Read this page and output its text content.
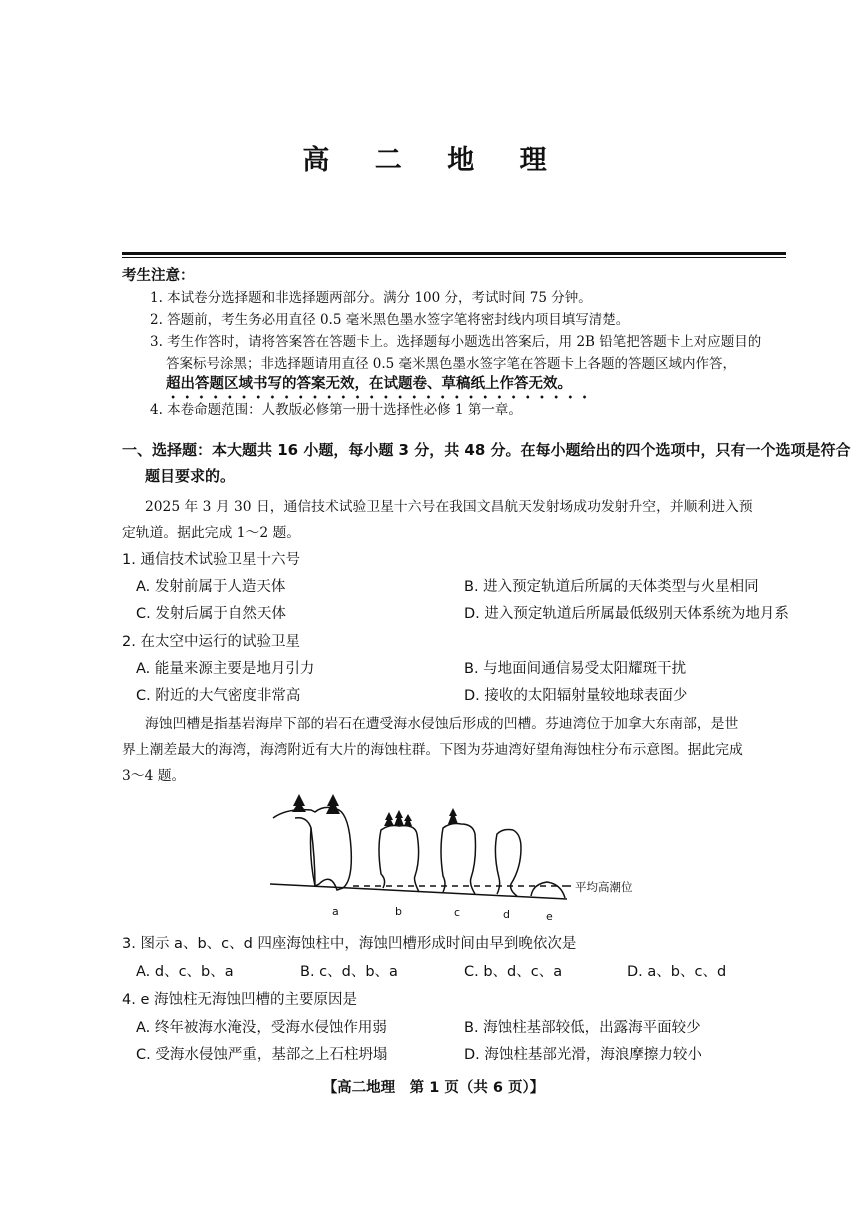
高 二 地 理
考生注意：
1. 本试卷分选择题和非选择题两部分。满分 100 分，考试时间 75 分钟。
2. 答题前，考生务必用直径 0.5 毫米黑色墨水签字笔将密封线内项目填写清楚。
3. 考生作答时，请将答案答在答题卡上。选择题每小题选出答案后，用 2B 铅笔把答题卡上对应题目的
答案标号涂黑；非选择题请用直径 0.5 毫米黑色墨水签字笔在答题卡上各题的答题区域内作答，
超出答题区域书写的答案无效，在试题卷、草稿纸上作答无效。
4. 本卷命题范围：人教版必修第一册十选择性必修 1 第一章。
一、选择题：本大题共 16 小题，每小题 3 分，共 48 分。在每小题给出的四个选项中，只有一个选项是符合
题目要求的。
2025 年 3 月 30 日，通信技术试验卫星十六号在我国文昌航天发射场成功发射升空，并顺利进入预
定轨道。据此完成 1～2 题。
1. 通信技术试验卫星十六号
A. 发射前属于人造天体	B. 进入预定轨道后所属的天体类型与火星相同
C. 发射后属于自然天体	D. 进入预定轨道后所属最低级别天体系统为地月系
2. 在太空中运行的试验卫星
A. 能量来源主要是地月引力	B. 与地面间通信易受太阳耀斑干扰
C. 附近的大气密度非常高	D. 接收的太阳辐射量较地球表面少
海蚀凹槽是指基岩海岸下部的岩石在遭受海水侵蚀后形成的凹槽。芬迪湾位于加拿大东南部，是世
界上潮差最大的海湾，海湾附近有大片的海蚀柱群。下图为芬迪湾好望角海蚀柱分布示意图。据此完成
3～4 题。
平均高潮位
a	b	c	d	e
3. 图示 a、b、c、d 四座海蚀柱中，海蚀凹槽形成时间由早到晚依次是
A. d、c、b、a	B. c、d、b、a	C. b、d、c、a	D. a、b、c、d
4. e 海蚀柱无海蚀凹槽的主要原因是
A. 终年被海水淹没，受海水侵蚀作用弱	B. 海蚀柱基部较低，出露海平面较少
C. 受海水侵蚀严重，基部之上石柱坍塌	D. 海蚀柱基部光滑，海浪摩擦力较小
【高二地理　第 1 页（共 6 页）】
